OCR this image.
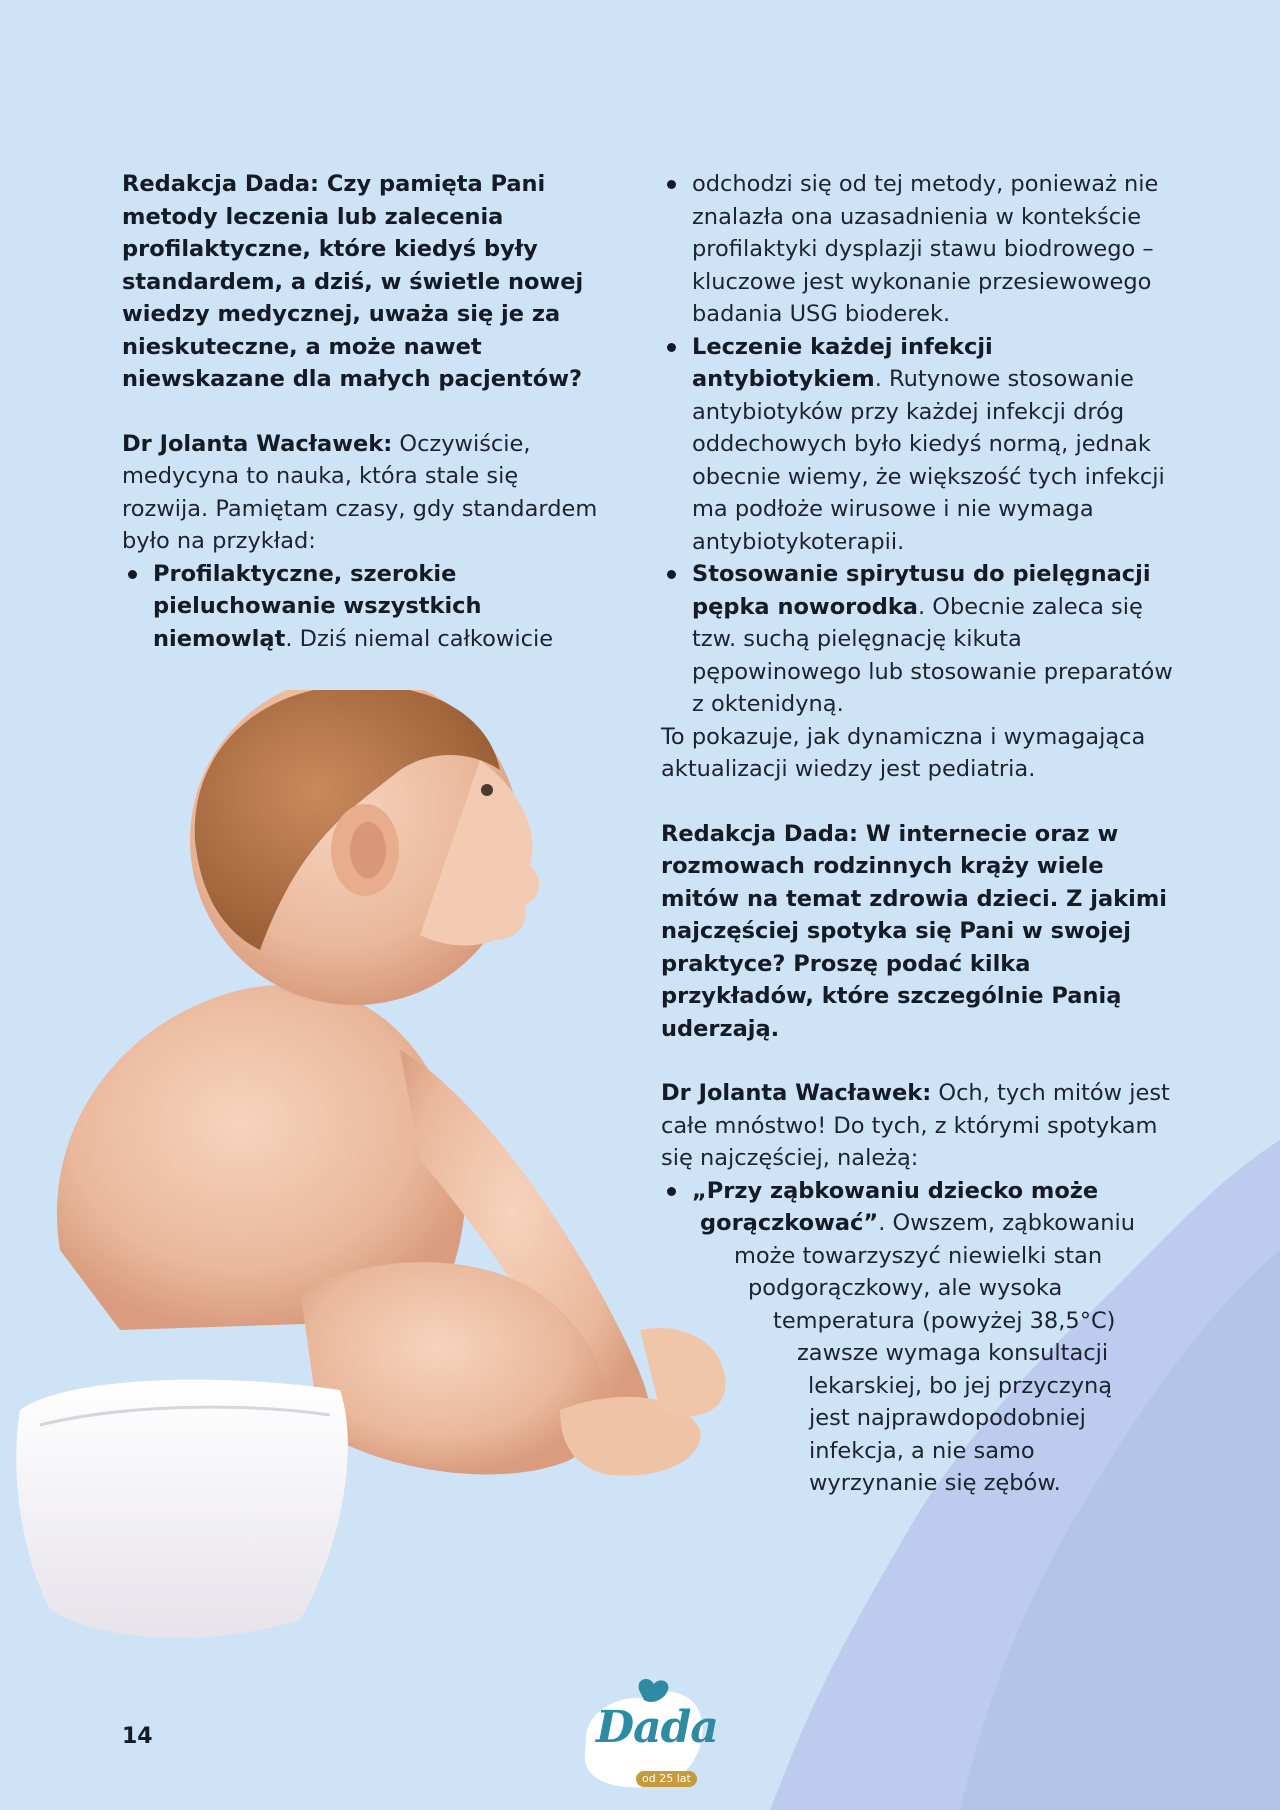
Redakcja Dada: Czy pamięta Pani metody leczenia lub zalecenia profilaktyczne, które kiedyś były standardem, a dziś, w świetle nowej wiedzy medycznej, uważa się je za nieskuteczne, a może nawet niewskazane dla małych pacjentów?

Dr Jolanta Wacławek: Oczywiście, medycyna to nauka, która stale się rozwija. Pamiętam czasy, gdy standardem było na przykład:

Profilaktyczne, szerokie pieluchowanie wszystkich niemowląt. Dziś niemal całkowicie
odchodzi się od tej metody, ponieważ nie znalazła ona uzasadnienia w kontekście profilaktyki dysplazji stawu biodrowego – kluczowe jest wykonanie przesiewowego badania USG bioderek.
Leczenie każdej infekcji antybiotykiem. Rutynowe stosowanie antybiotyków przy każdej infekcji dróg oddechowych było kiedyś normą, jednak obecnie wiemy, że większość tych infekcji ma podłoże wirusowe i nie wymaga antybiotykoterapii.
Stosowanie spirytusu do pielęgnacji pępka noworodka. Obecnie zaleca się tzw. suchą pielęgnację kikuta pępowinowego lub stosowanie preparatów z oktenidyną.

To pokazuje, jak dynamiczna i wymagająca aktualizacji wiedzy jest pediatria.

Redakcja Dada: W internecie oraz w rozmowach rodzinnych krąży wiele mitów na temat zdrowia dzieci. Z jakimi najczęściej spotyka się Pani w swojej praktyce? Proszę podać kilka przykładów, które szczególnie Panią uderzają.

Dr Jolanta Wacławek: Och, tych mitów jest całe mnóstwo! Do tych, z którymi spotykam się najczęściej, należą:

„Przy ząbkowaniu dziecko może
gorączkować”. Owszem, ząbkowaniu
może towarzyszyć niewielki stan
podgorączkowy, ale wysoka
temperatura (powyżej 38,5°C)
zawsze wymaga konsultacji
lekarskiej, bo jej przyczyną
jest najprawdopodobniej
infekcja, a nie samo
wyrzynanie się zębów.
14	Dada
od 25 lat
